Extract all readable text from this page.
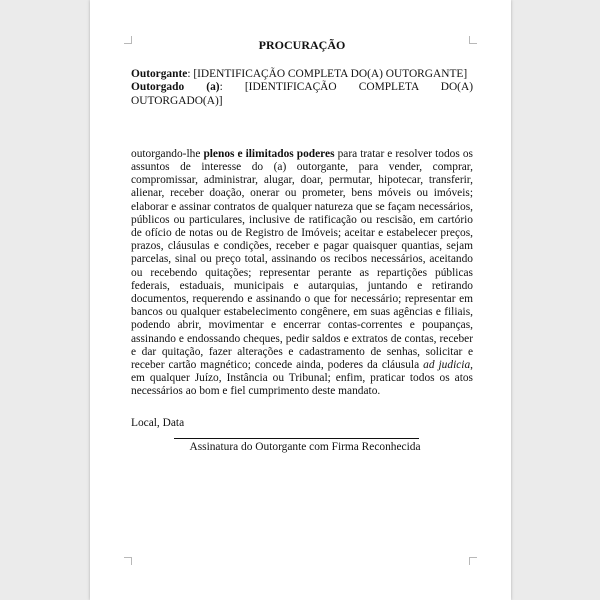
PROCURAÇÃO

Outorgante: [IDENTIFICAÇÃO COMPLETA DO(A) OUTORGANTE]

Outorgado (a): [IDENTIFICAÇÃO COMPLETA DO(A) OUTORGADO(A)]

outorgando-lhe plenos e ilimitados poderes para tratar e resolver todos os assuntos de interesse do (a) outorgante, para vender, comprar, compromissar, administrar, alugar, doar, permutar, hipotecar, transferir, alienar, receber doação, onerar ou prometer, bens móveis ou imóveis; elaborar e assinar contratos de qualquer natureza que se façam necessários, públicos ou particulares, inclusive de ratificação ou rescisão, em cartório de ofício de notas ou de Registro de Imóveis; aceitar e estabelecer preços, prazos, cláusulas e condições, receber e pagar quaisquer quantias, sejam parcelas, sinal ou preço total, assinando os recibos necessários, aceitando ou recebendo quitações; representar perante as repartições públicas federais, estaduais, municipais e autarquias, juntando e retirando documentos, requerendo e assinando o que for necessário; representar em bancos ou qualquer estabelecimento congênere, em suas agências e filiais, podendo abrir, movimentar e encerrar contas-correntes e poupanças, assinando e endossando cheques, pedir saldos e extratos de contas, receber e dar quitação, fazer alterações e cadastramento de senhas, solicitar e receber cartão magnético; concede ainda, poderes da cláusula ad judicia, em qualquer Juízo, Instância ou Tribunal; enfim, praticar todos os atos necessários ao bom e fiel cumprimento deste mandato.

Local, Data

Assinatura do Outorgante com Firma Reconhecida
